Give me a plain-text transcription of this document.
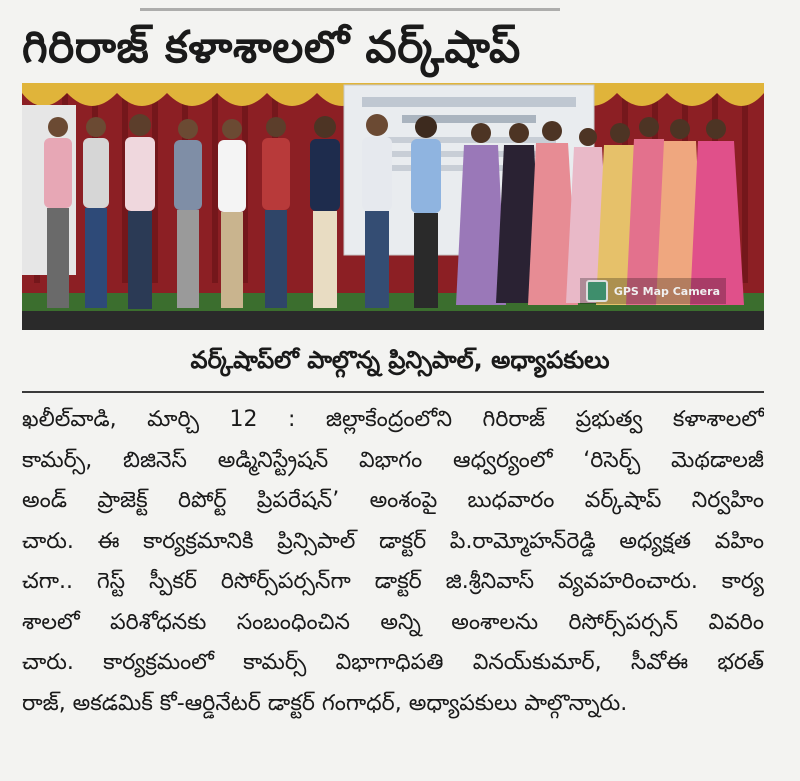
గిరిరాజ్ కళాశాలలో వర్క్‌షాప్
GPS Map Camera
వర్క్‌షాప్‌లో పాల్గొన్న ప్రిన్సిపాల్, అధ్యాపకులు
ఖలీల్‌వాడి, మార్చి 12 : జిల్లాకేంద్రంలోని గిరిరాజ్ ప్రభుత్వ కళాశాలలో
కామర్స్, బిజినెస్ అడ్మినిస్ట్రేషన్ విభాగం ఆధ్వర్యంలో ‘రిసెర్చ్ మెథడాలజీ
అండ్ ప్రాజెక్ట్ రిపోర్ట్ ప్రిపరేషన్’ అంశంపై బుధవారం వర్క్‌షాప్ నిర్వహిం
చారు. ఈ కార్యక్రమానికి ప్రిన్సిపాల్ డాక్టర్ పి.రామ్మోహన్‌రెడ్డి అధ్యక్షత వహిం
చగా.. గెస్ట్ స్పీకర్ రిసోర్స్‌పర్సన్‌గా డాక్టర్ జి.శ్రీనివాస్ వ్యవహరించారు. కార్య
శాలలో పరిశోధనకు సంబంధించిన అన్ని అంశాలను రిసోర్స్‌పర్సన్ వివరిం
చారు. కార్యక్రమంలో కామర్స్ విభాగాధిపతి వినయ్‌కుమార్, సీవోఈ భరత్
రాజ్, అకడమిక్ కో-ఆర్డినేటర్ డాక్టర్ గంగాధర్, అధ్యాపకులు పాల్గొన్నారు.
